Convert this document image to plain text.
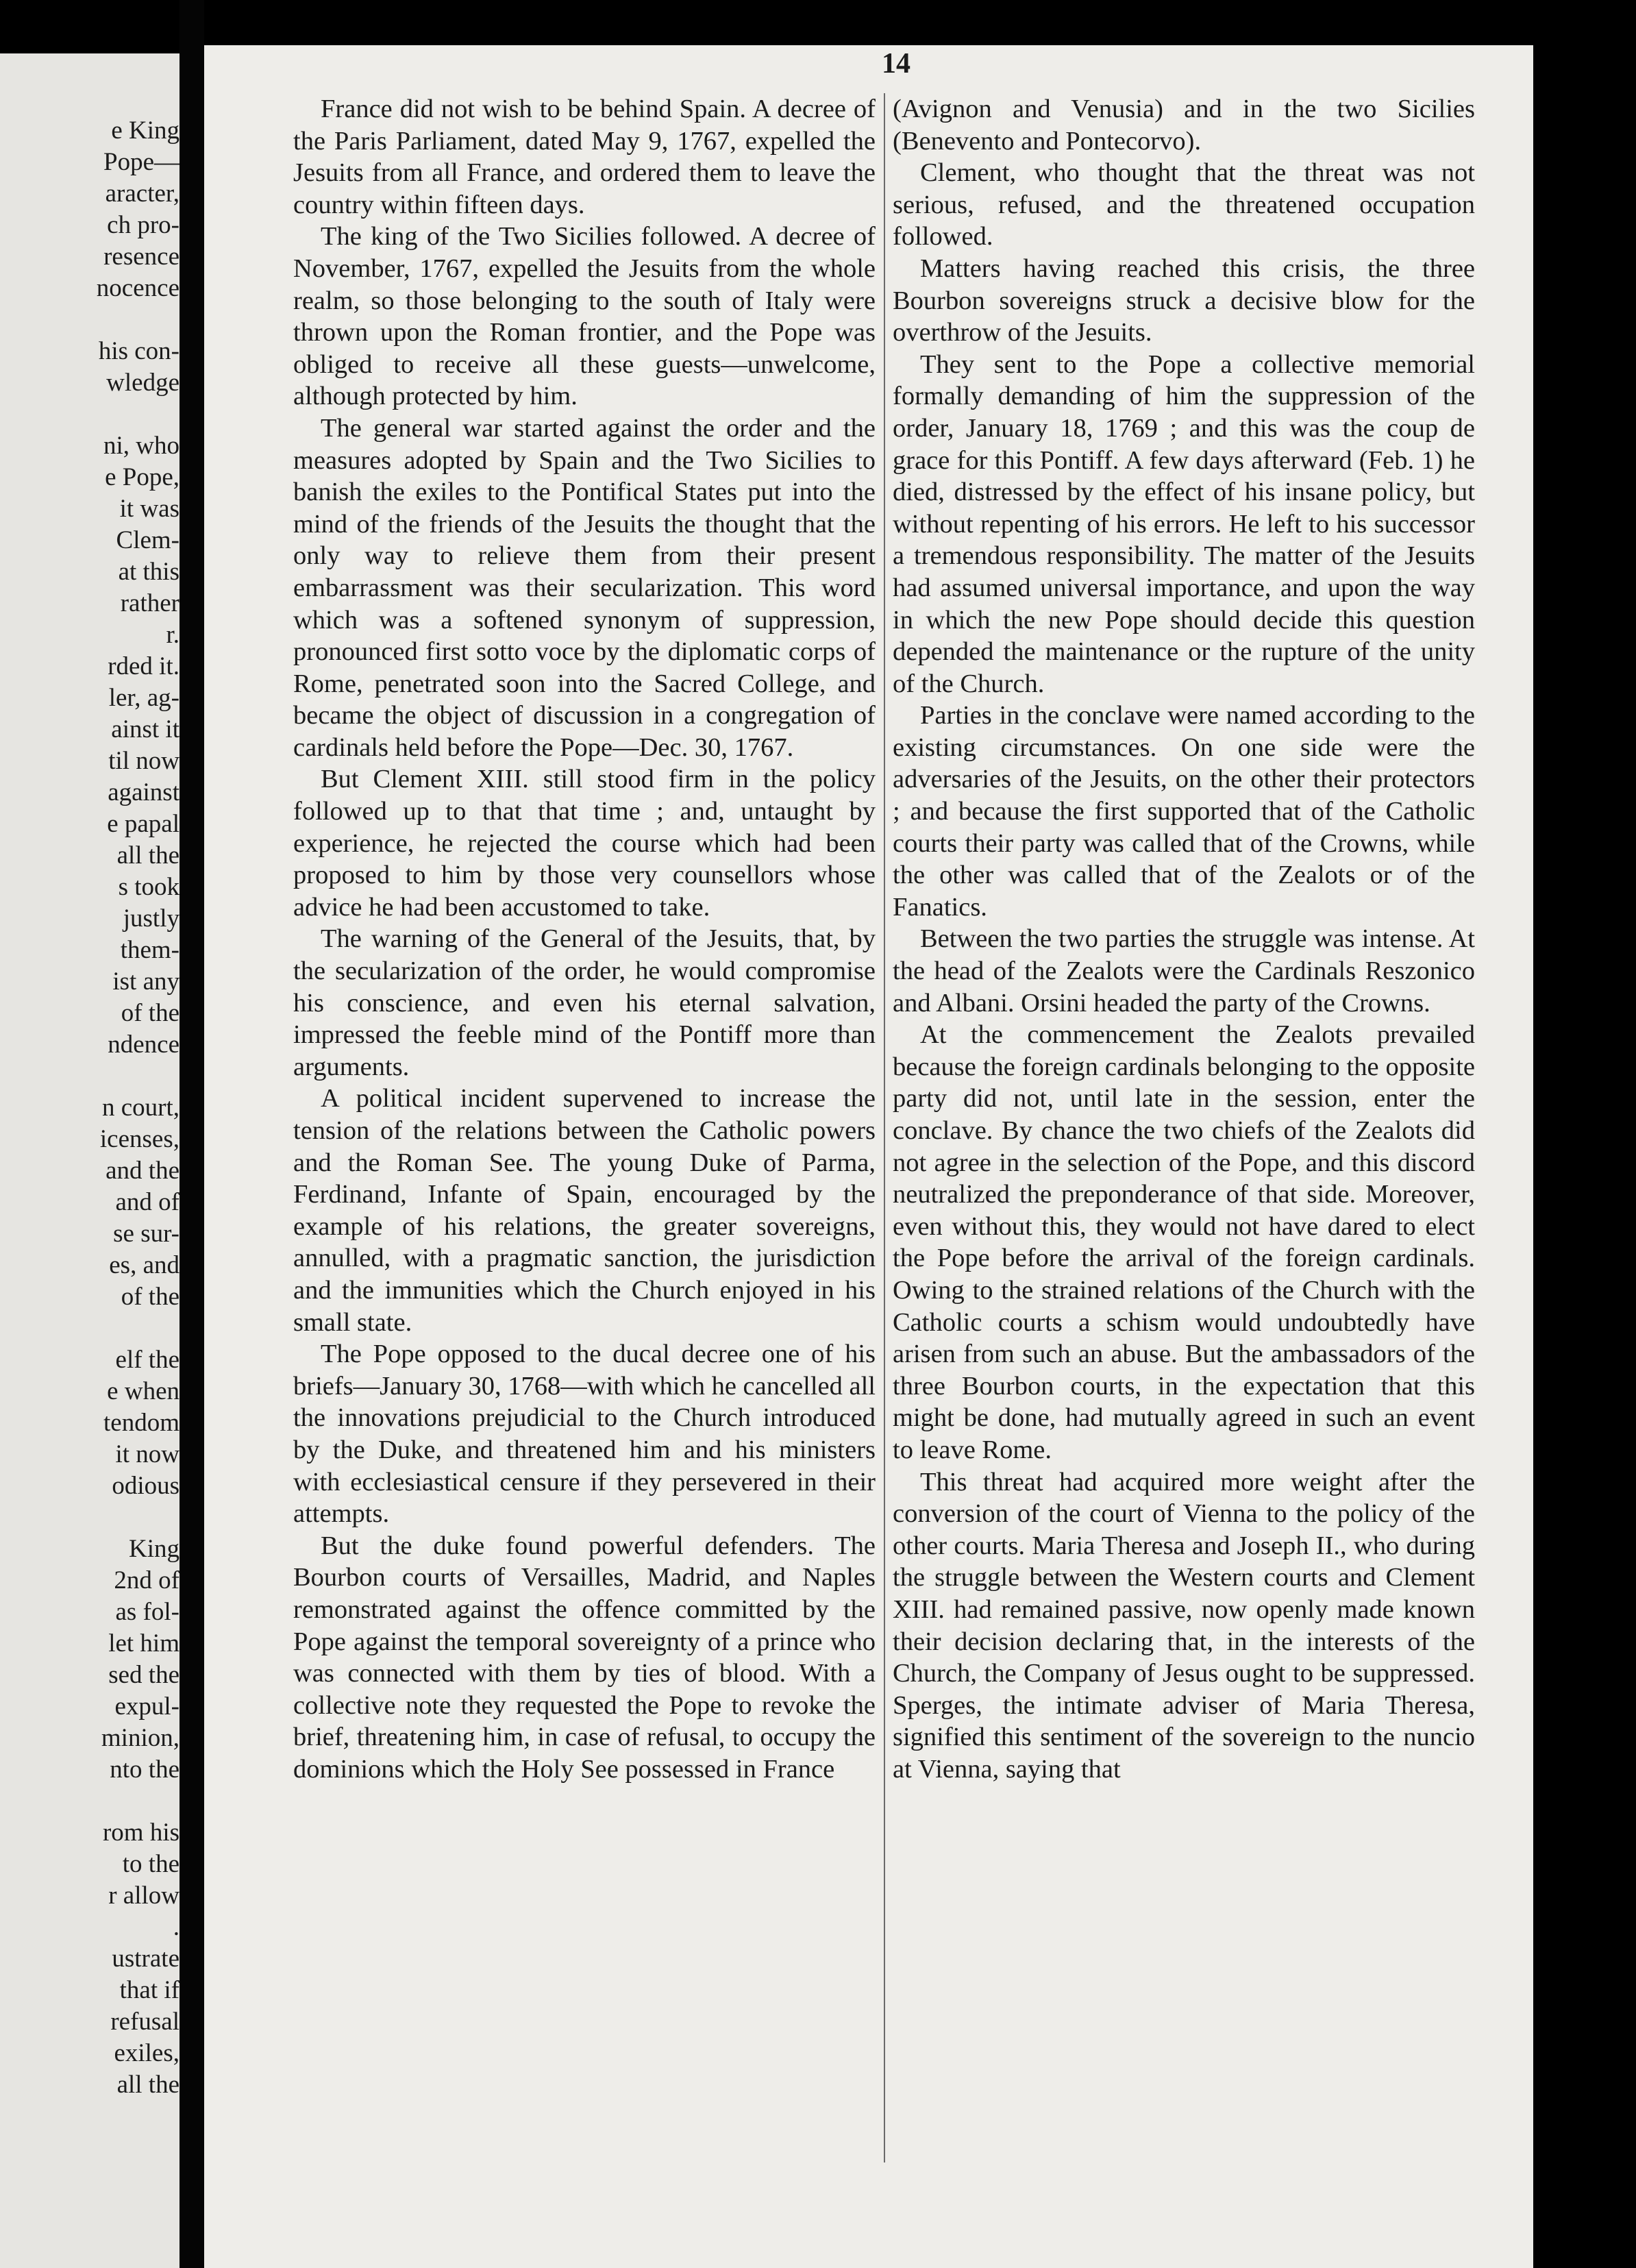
e King
Pope—
aracter,
ch pro-
resence
nocence
his con-
wledge
ni, who
e Pope,
it was
Clem-
at this
rather
r.
rded it.
ler, ag-
ainst it
til now
against
e papal
all the
s took
justly
them-
ist any
of the
ndence
n court,
icenses,
and the
and of
se sur-
es, and
of the
elf the
e when
tendom
it now
odious
King
2nd of
as fol-
let him
sed the
expul-
minion,
nto the
rom his
to the
r allow
.
ustrate
that if
refusal
exiles,
all the
14

France did not wish to be behind Spain. A decree of the Paris Parliament, dated May 9, 1767, expelled the Jesuits from all France, and ordered them to leave the country within fifteen days.

The king of the Two Sicilies followed. A decree of November, 1767, expelled the Jesuits from the whole realm, so those belonging to the south of Italy were thrown upon the Roman frontier, and the Pope was obliged to receive all these guests—unwelcome, although protected by him.

The general war started against the order and the measures adopted by Spain and the Two Sicilies to banish the exiles to the Pontifical States put into the mind of the friends of the Jesuits the thought that the only way to relieve them from their present embarrassment was their secularization. This word which was a softened synonym of suppression, pronounced first sotto voce by the diplomatic corps of Rome, penetrated soon into the Sacred College, and became the object of discussion in a congregation of cardinals held before the Pope—Dec. 30, 1767.

But Clement XIII. still stood firm in the policy followed up to that that time ; and, untaught by experience, he rejected the course which had been proposed to him by those very counsellors whose advice he had been accustomed to take.

The warning of the General of the Jesuits, that, by the secularization of the order, he would compromise his conscience, and even his eternal salvation, impressed the feeble mind of the Pontiff more than arguments.

A political incident supervened to increase the tension of the relations between the Catholic powers and the Roman See. The young Duke of Parma, Ferdinand, Infante of Spain, encouraged by the example of his relations, the greater sovereigns, annulled, with a pragmatic sanction, the jurisdiction and the immunities which the Church enjoyed in his small state.

The Pope opposed to the ducal decree one of his briefs—January 30, 1768—with which he cancelled all the innovations prejudicial to the Church introduced by the Duke, and threatened him and his ministers with ecclesiastical censure if they persevered in their attempts.

But the duke found powerful defenders. The Bourbon courts of Versailles, Madrid, and Naples remonstrated against the offence committed by the Pope against the temporal sovereignty of a prince who was connected with them by ties of blood. With a collective note they requested the Pope to revoke the brief, threatening him, in case of refusal, to occupy the dominions which the Holy See possessed in France

(Avignon and Venusia) and in the two Sicilies (Benevento and Pontecorvo).

Clement, who thought that the threat was not serious, refused, and the threatened occupation followed.

Matters having reached this crisis, the three Bourbon sovereigns struck a decisive blow for the overthrow of the Jesuits.

They sent to the Pope a collective memorial formally demanding of him the suppression of the order, January 18, 1769 ; and this was the coup de grace for this Pontiff. A few days afterward (Feb. 1) he died, distressed by the effect of his insane policy, but without repenting of his errors. He left to his successor a tremendous responsibility. The matter of the Jesuits had assumed universal importance, and upon the way in which the new Pope should decide this question depended the maintenance or the rupture of the unity of the Church.

Parties in the conclave were named according to the existing circumstances. On one side were the adversaries of the Jesuits, on the other their protectors ; and because the first supported that of the Catholic courts their party was called that of the Crowns, while the other was called that of the Zealots or of the Fanatics.

Between the two parties the struggle was intense. At the head of the Zealots were the Cardinals Reszonico and Albani. Orsini headed the party of the Crowns.

At the commencement the Zealots prevailed because the foreign cardinals belonging to the opposite party did not, until late in the session, enter the conclave. By chance the two chiefs of the Zealots did not agree in the selection of the Pope, and this discord neutralized the preponderance of that side. Moreover, even without this, they would not have dared to elect the Pope before the arrival of the foreign cardinals. Owing to the strained relations of the Church with the Catholic courts a schism would undoubtedly have arisen from such an abuse. But the ambassadors of the three Bourbon courts, in the expectation that this might be done, had mutually agreed in such an event to leave Rome.

This threat had acquired more weight after the conversion of the court of Vienna to the policy of the other courts. Maria Theresa and Joseph II., who during the struggle between the Western courts and Clement XIII. had remained passive, now openly made known their decision declaring that, in the interests of the Church, the Company of Jesus ought to be suppressed. Sperges, the intimate adviser of Maria Theresa, signified this sentiment of the sovereign to the nuncio at Vienna, saying that
